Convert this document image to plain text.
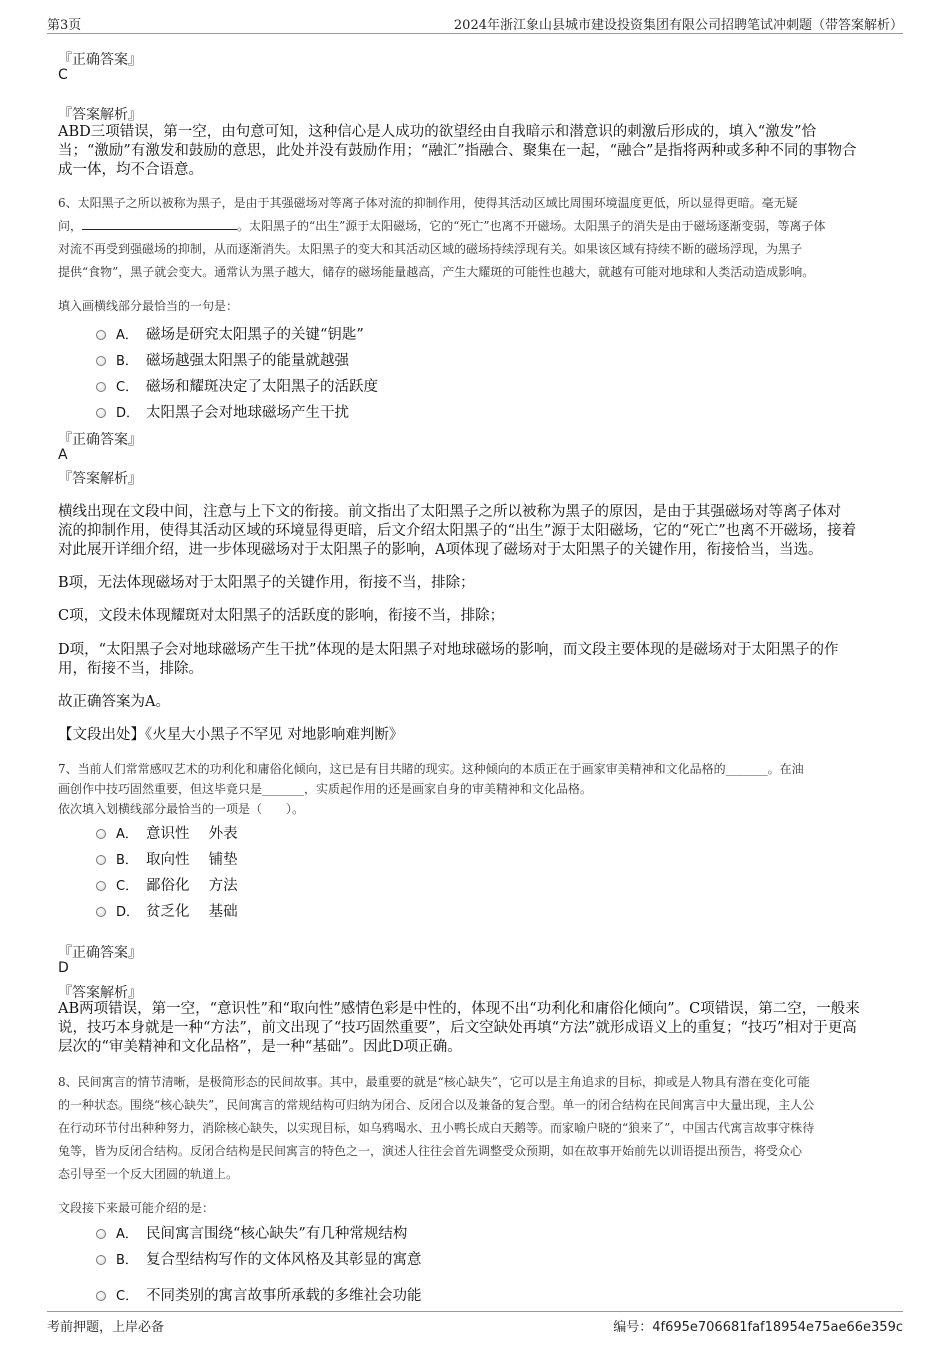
第3页	2024年浙江象山县城市建设投资集团有限公司招聘笔试冲刺题（带答案解析）
『正确答案』
C
『答案解析』
ABD三项错误，第一空，由句意可知，这种信心是人成功的欲望经由自我暗示和潜意识的刺激后形成的，填入“激发”恰
当；“激励”有激发和鼓励的意思，此处并没有鼓励作用；“融汇”指融合、聚集在一起，“融合”是指将两种或多种不同的事物合
成一体，均不合语意。
6、太阳黑子之所以被称为黑子，是由于其强磁场对等离子体对流的抑制作用，使得其活动区域比周围环境温度更低，所以显得更暗。毫无疑
问，	。太阳黑子的“出生”源于太阳磁场，它的“死亡”也离不开磁场。太阳黑子的消失是由于磁场逐渐变弱，等离子体
对流不再受到强磁场的抑制，从而逐渐消失。太阳黑子的变大和其活动区域的磁场持续浮现有关。如果该区域有持续不断的磁场浮现，为黑子
提供“食物”，黑子就会变大。通常认为黑子越大，储存的磁场能量越高，产生大耀斑的可能性也越大，就越有可能对地球和人类活动造成影响。
填入画横线部分最恰当的一句是：
A． 磁场是研究太阳黑子的关键“钥匙”
B． 磁场越强太阳黑子的能量就越强
C． 磁场和耀斑决定了太阳黑子的活跃度
D． 太阳黑子会对地球磁场产生干扰
『正确答案』
A
『答案解析』
横线出现在文段中间，注意与上下文的衔接。前文指出了太阳黑子之所以被称为黑子的原因，是由于其强磁场对等离子体对
流的抑制作用，使得其活动区域的环境显得更暗，后文介绍太阳黑子的“出生”源于太阳磁场，它的“死亡”也离不开磁场，接着
对此展开详细介绍，进一步体现磁场对于太阳黑子的影响，A项体现了磁场对于太阳黑子的关键作用，衔接恰当，当选。
B项，无法体现磁场对于太阳黑子的关键作用，衔接不当，排除；
C项，文段未体现耀斑对太阳黑子的活跃度的影响，衔接不当，排除；
D项，“太阳黑子会对地球磁场产生干扰”体现的是太阳黑子对地球磁场的影响，而文段主要体现的是磁场对于太阳黑子的作
用，衔接不当，排除。
故正确答案为A。
【文段出处】《火星大小黑子不罕见 对地影响难判断》
7、当前人们常常感叹艺术的功利化和庸俗化倾向，这已是有目共睹的现实。这种倾向的本质正在于画家审美精神和文化品格的_______。在油
画创作中技巧固然重要，但这毕竟只是_______，实质起作用的还是画家自身的审美精神和文化品格。
依次填入划横线部分最恰当的一项是（　　）。
A． 意识性　 外表
B． 取向性　 铺垫
C． 鄙俗化　 方法
D． 贫乏化　 基础
『正确答案』
D
『答案解析』
AB两项错误，第一空，“意识性”和“取向性”感情色彩是中性的，体现不出“功利化和庸俗化倾向”。C项错误，第二空，一般来
说，技巧本身就是一种“方法”，前文出现了“技巧固然重要”，后文空缺处再填“方法”就形成语义上的重复；“技巧”相对于更高
层次的“审美精神和文化品格”，是一种“基础”。因此D项正确。
8、民间寓言的情节清晰，是极简形态的民间故事。其中，最重要的就是“核心缺失”，它可以是主角追求的目标，抑或是人物具有潜在变化可能
的一种状态。围绕“核心缺失”，民间寓言的常规结构可归纳为闭合、反闭合以及兼备的复合型。单一的闭合结构在民间寓言中大量出现，主人公
在行动环节付出种种努力，消除核心缺失，以实现目标，如乌鸦喝水、丑小鸭长成白天鹅等。而家喻户晓的“狼来了”，中国古代寓言故事守株待
兔等，皆为反闭合结构。反闭合结构是民间寓言的特色之一，演述人往往会首先调整受众预期，如在故事开始前先以训语提出预告，将受众心
态引导至一个反大团圆的轨道上。
文段接下来最可能介绍的是：
A． 民间寓言围绕“核心缺失”有几种常规结构
B． 复合型结构写作的文体风格及其彰显的寓意
C． 不同类别的寓言故事所承载的多维社会功能
考前押题，上岸必备	编号：4f695e706681faf18954e75ae66e359c
